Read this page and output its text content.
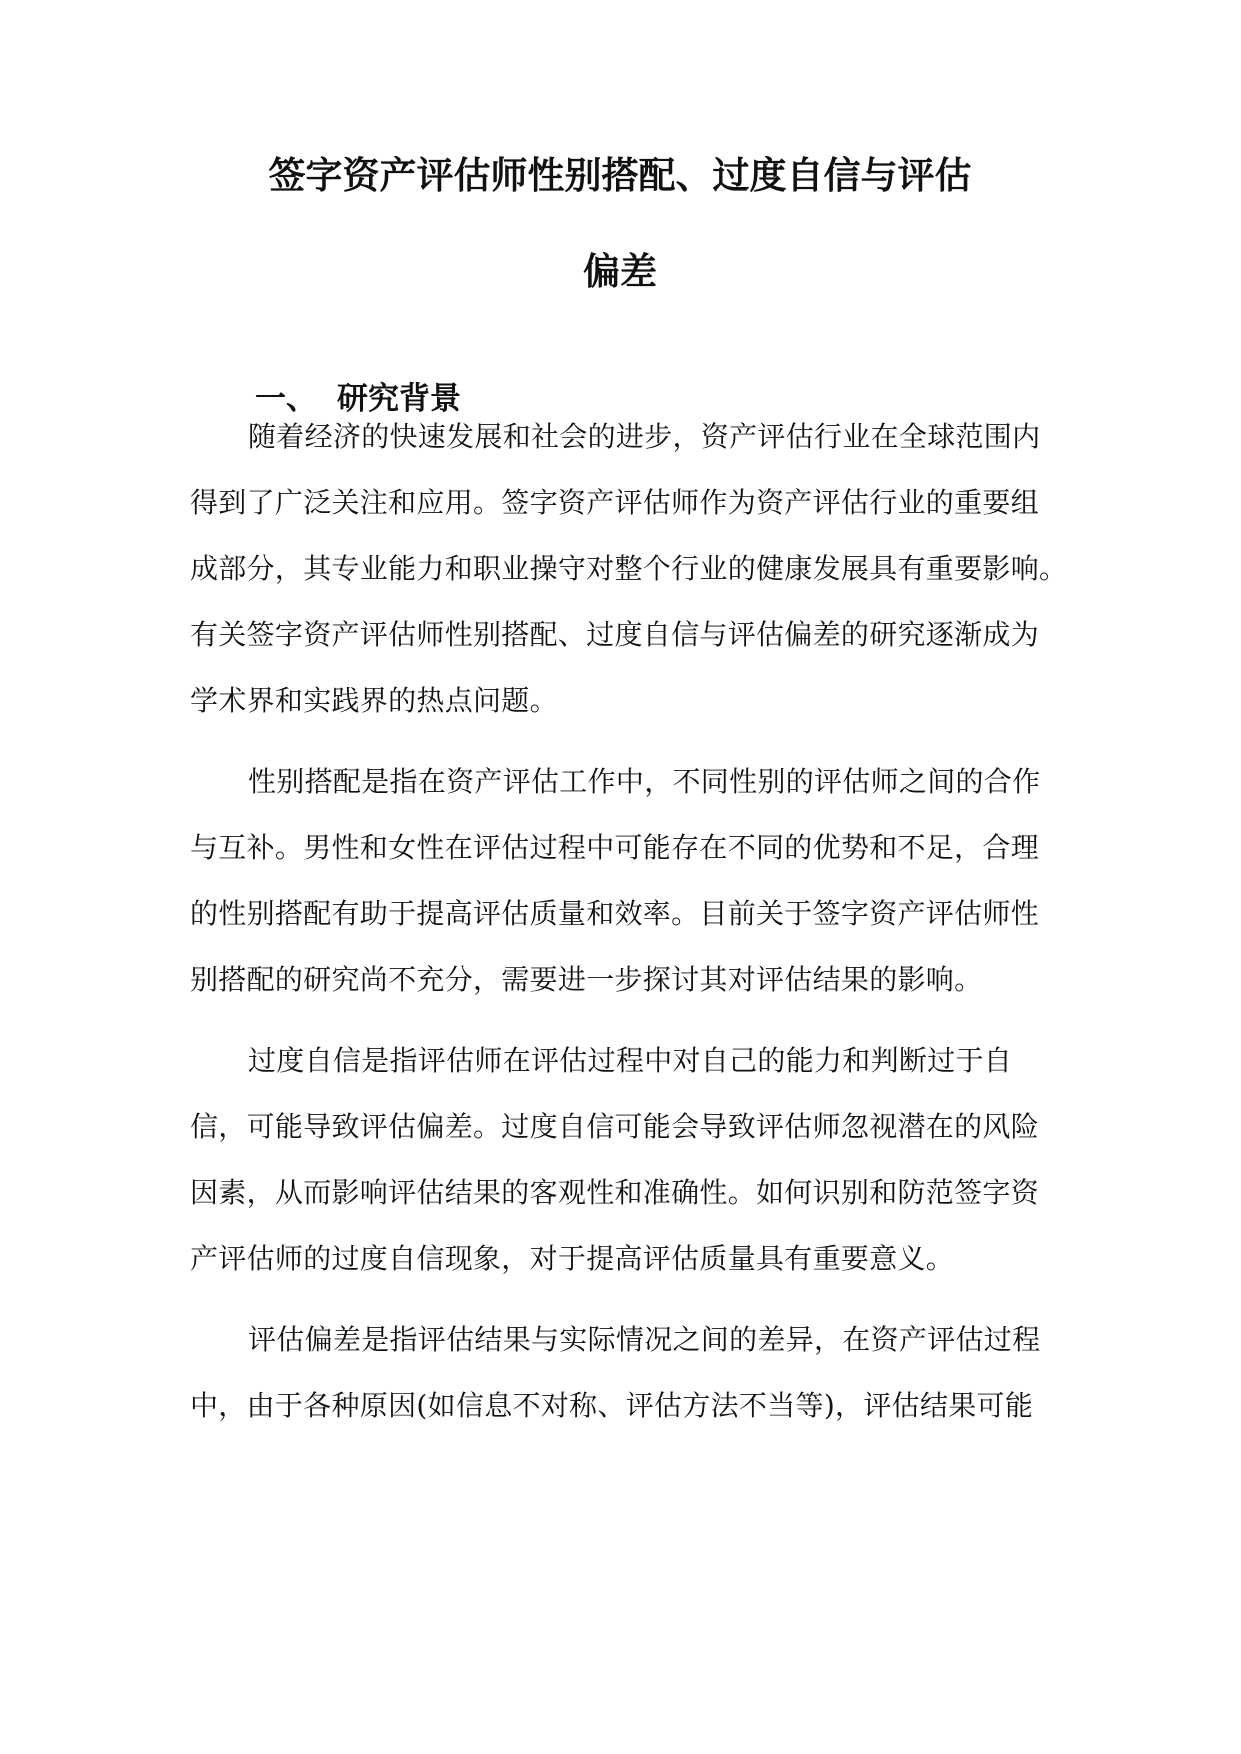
签字资产评估师性别搭配、过度自信与评估
偏差
一、 研究背景

随着经济的快速发展和社会的进步，资产评估行业在全球范围内

得到了广泛关注和应用。签字资产评估师作为资产评估行业的重要组

成部分，其专业能力和职业操守对整个行业的健康发展具有重要影响。

有关签字资产评估师性别搭配、过度自信与评估偏差的研究逐渐成为

学术界和实践界的热点问题。

性别搭配是指在资产评估工作中，不同性别的评估师之间的合作

与互补。男性和女性在评估过程中可能存在不同的优势和不足，合理

的性别搭配有助于提高评估质量和效率。目前关于签字资产评估师性

别搭配的研究尚不充分，需要进一步探讨其对评估结果的影响。

过度自信是指评估师在评估过程中对自己的能力和判断过于自

信，可能导致评估偏差。过度自信可能会导致评估师忽视潜在的风险

因素，从而影响评估结果的客观性和准确性。如何识别和防范签字资

产评估师的过度自信现象，对于提高评估质量具有重要意义。

评估偏差是指评估结果与实际情况之间的差异，在资产评估过程

中，由于各种原因(如信息不对称、评估方法不当等)，评估结果可能
